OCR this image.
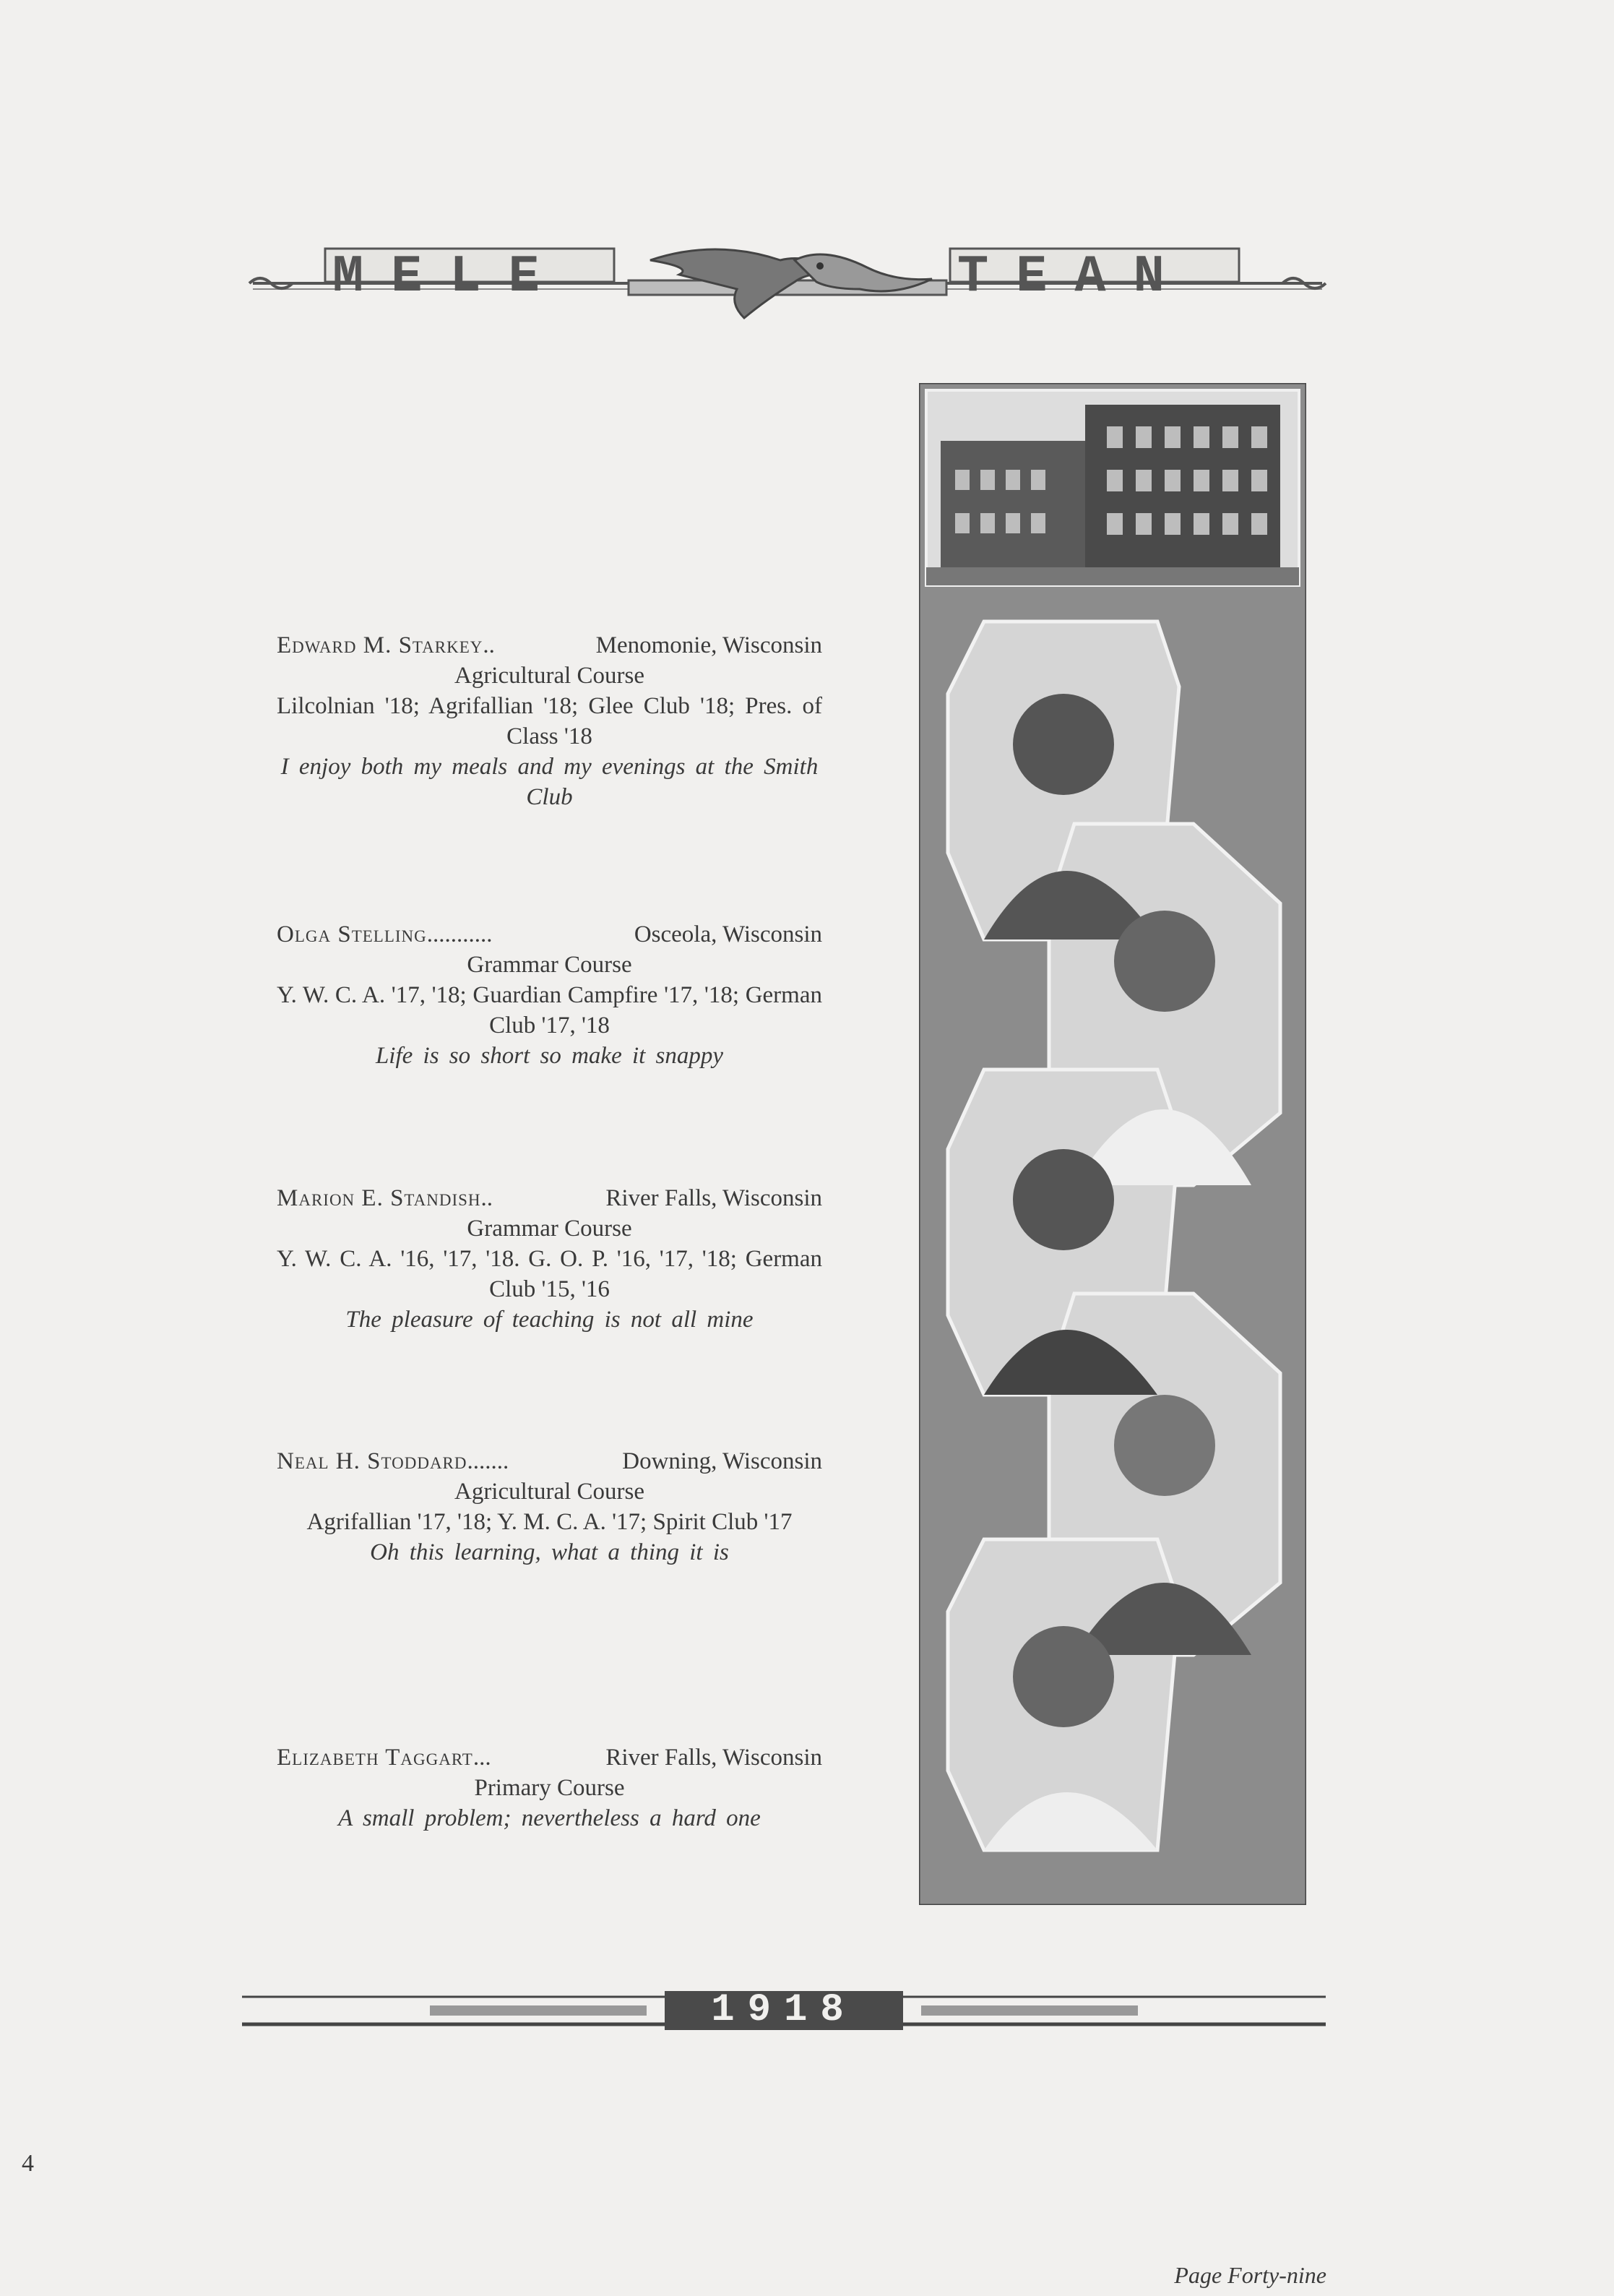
MELE	TEAN
Edward M. Starkey ..	Menomonie, Wisconsin
Agricultural Course
Lilcolnian '18; Agrifallian '18; Glee Club '18; Pres. of Class '18
I enjoy both my meals and my evenings at the Smith Club
Olga Stelling ...........	Osceola, Wisconsin
Grammar Course
Y. W. C. A. '17, '18; Guardian Campfire '17, '18; German Club '17, '18
Life is so short so make it snappy
Marion E. Standish ..	River Falls, Wisconsin
Grammar Course
Y. W. C. A. '16, '17, '18. G. O. P. '16, '17, '18; German Club '15, '16
The pleasure of teaching is not all mine
Neal H. Stoddard .......	Downing, Wisconsin
Agricultural Course
Agrifallian '17, '18; Y. M. C. A. '17; Spirit Club '17
Oh this learning, what a thing it is
Elizabeth Taggart ...	River Falls, Wisconsin
Primary Course
A small problem; nevertheless a hard one
1918
Page Forty-nine
4
